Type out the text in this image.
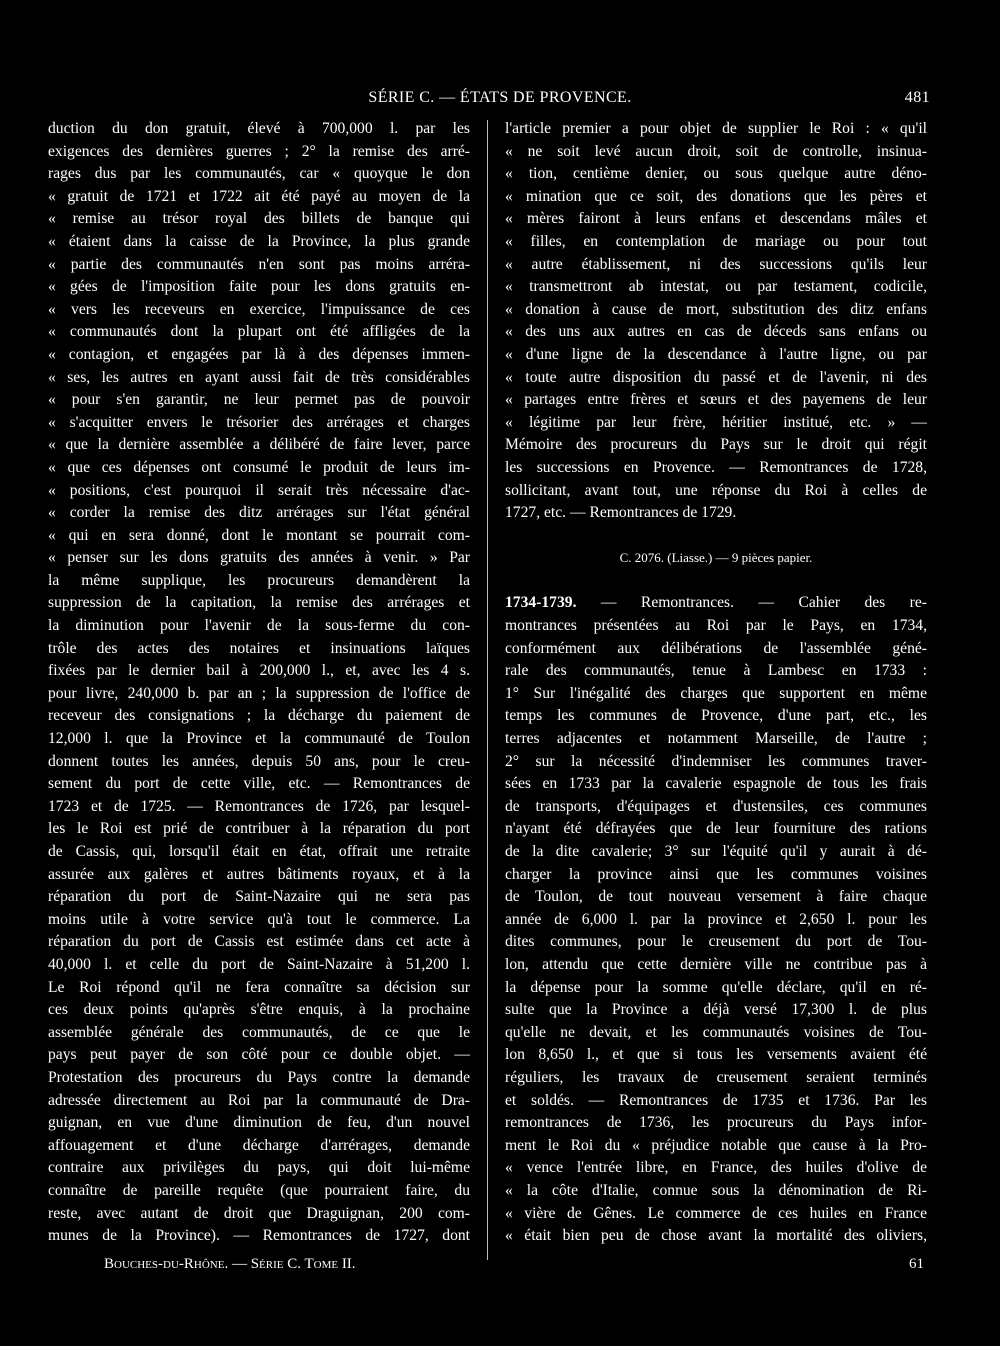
SÉRIE C. — ÉTATS DE PROVENCE.	481
duction du don gratuit, élevé à 700,000 l. par les
exigences des dernières guerres ; 2° la remise des arré-
rages dus par les communautés, car « quoyque le don
« gratuit de 1721 et 1722 ait été payé au moyen de la
« remise au trésor royal des billets de banque qui
« étaient dans la caisse de la Province, la plus grande
« partie des communautés n'en sont pas moins arréra-
« gées de l'imposition faite pour les dons gratuits en-
« vers les receveurs en exercice, l'impuissance de ces
« communautés dont la plupart ont été affligées de la
« contagion, et engagées par là à des dépenses immen-
« ses, les autres en ayant aussi fait de très considérables
« pour s'en garantir, ne leur permet pas de pouvoir
« s'acquitter envers le trésorier des arrérages et charges
« que la dernière assemblée a délibéré de faire lever, parce
« que ces dépenses ont consumé le produit de leurs im-
« positions, c'est pourquoi il serait très nécessaire d'ac-
« corder la remise des ditz arrérages sur l'état général
« qui en sera donné, dont le montant se pourrait com-
« penser sur les dons gratuits des années à venir. » Par
la même supplique, les procureurs demandèrent la
suppression de la capitation, la remise des arrérages et
la diminution pour l'avenir de la sous-ferme du con-
trôle des actes des notaires et insinuations laïques
fixées par le dernier bail à 200,000 l., et, avec les 4 s.
pour livre, 240,000 b. par an ; la suppression de l'office de
receveur des consignations ; la décharge du paiement de
12,000 l. que la Province et la communauté de Toulon
donnent toutes les années, depuis 50 ans, pour le creu-
sement du port de cette ville, etc. — Remontrances de
1723 et de 1725. — Remontrances de 1726, par lesquel-
les le Roi est prié de contribuer à la réparation du port
de Cassis, qui, lorsqu'il était en état, offrait une retraite
assurée aux galères et autres bâtiments royaux, et à la
réparation du port de Saint-Nazaire qui ne sera pas
moins utile à votre service qu'à tout le commerce. La
réparation du port de Cassis est estimée dans cet acte à
40,000 l. et celle du port de Saint-Nazaire à 51,200 l.
Le Roi répond qu'il ne fera connaître sa décision sur
ces deux points qu'après s'être enquis, à la prochaine
assemblée générale des communautés, de ce que le
pays peut payer de son côté pour ce double objet. —
Protestation des procureurs du Pays contre la demande
adressée directement au Roi par la communauté de Dra-
guignan, en vue d'une diminution de feu, d'un nouvel
affouagement et d'une décharge d'arrérages, demande
contraire aux privilèges du pays, qui doit lui-même
connaître de pareille requête (que pourraient faire, du
reste, avec autant de droit que Draguignan, 200 com-
munes de la Province). — Remontrances de 1727, dont
l'article premier a pour objet de supplier le Roi : « qu'il
« ne soit levé aucun droit, soit de controlle, insinua-
« tion, centième denier, ou sous quelque autre déno-
« mination que ce soit, des donations que les pères et
« mères fairont à leurs enfans et descendans mâles et
« filles, en contemplation de mariage ou pour tout
« autre établissement, ni des successions qu'ils leur
« transmettront ab intestat, ou par testament, codicile,
« donation à cause de mort, substitution des ditz enfans
« des uns aux autres en cas de déceds sans enfans ou
« d'une ligne de la descendance à l'autre ligne, ou par
« toute autre disposition du passé et de l'avenir, ni des
« partages entre frères et sœurs et des payemens de leur
« légitime par leur frère, héritier institué, etc. » —
Mémoire des procureurs du Pays sur le droit qui régit
les successions en Provence. — Remontrances de 1728,
sollicitant, avant tout, une réponse du Roi à celles de
1727, etc. — Remontrances de 1729.
C. 2076. (Liasse.) — 9 pièces papier.
1734-1739. — Remontrances. — Cahier des re-
montrances présentées au Roi par le Pays, en 1734,
conformément aux délibérations de l'assemblée géné-
rale des communautés, tenue à Lambesc en 1733 :
1° Sur l'inégalité des charges que supportent en même
temps les communes de Provence, d'une part, etc., les
terres adjacentes et notamment Marseille, de l'autre ;
2° sur la nécessité d'indemniser les communes traver-
sées en 1733 par la cavalerie espagnole de tous les frais
de transports, d'équipages et d'ustensiles, ces communes
n'ayant été défrayées que de leur fourniture des rations
de la dite cavalerie; 3° sur l'équité qu'il y aurait à dé-
charger la province ainsi que les communes voisines
de Toulon, de tout nouveau versement à faire chaque
année de 6,000 l. par la province et 2,650 l. pour les
dites communes, pour le creusement du port de Tou-
lon, attendu que cette dernière ville ne contribue pas à
la dépense pour la somme qu'elle déclare, qu'il en ré-
sulte que la Province a déjà versé 17,300 l. de plus
qu'elle ne devait, et les communautés voisines de Tou-
lon 8,650 l., et que si tous les versements avaient été
réguliers, les travaux de creusement seraient terminés
et soldés. — Remontrances de 1735 et 1736. Par les
remontrances de 1736, les procureurs du Pays infor-
ment le Roi du « préjudice notable que cause à la Pro-
« vence l'entrée libre, en France, des huiles d'olive de
« la côte d'Italie, connue sous la dénomination de Ri-
« vière de Gênes. Le commerce de ces huiles en France
« était bien peu de chose avant la mortalité des oliviers,
Bouches-du-Rhône. — Série C. Tome II.	61
